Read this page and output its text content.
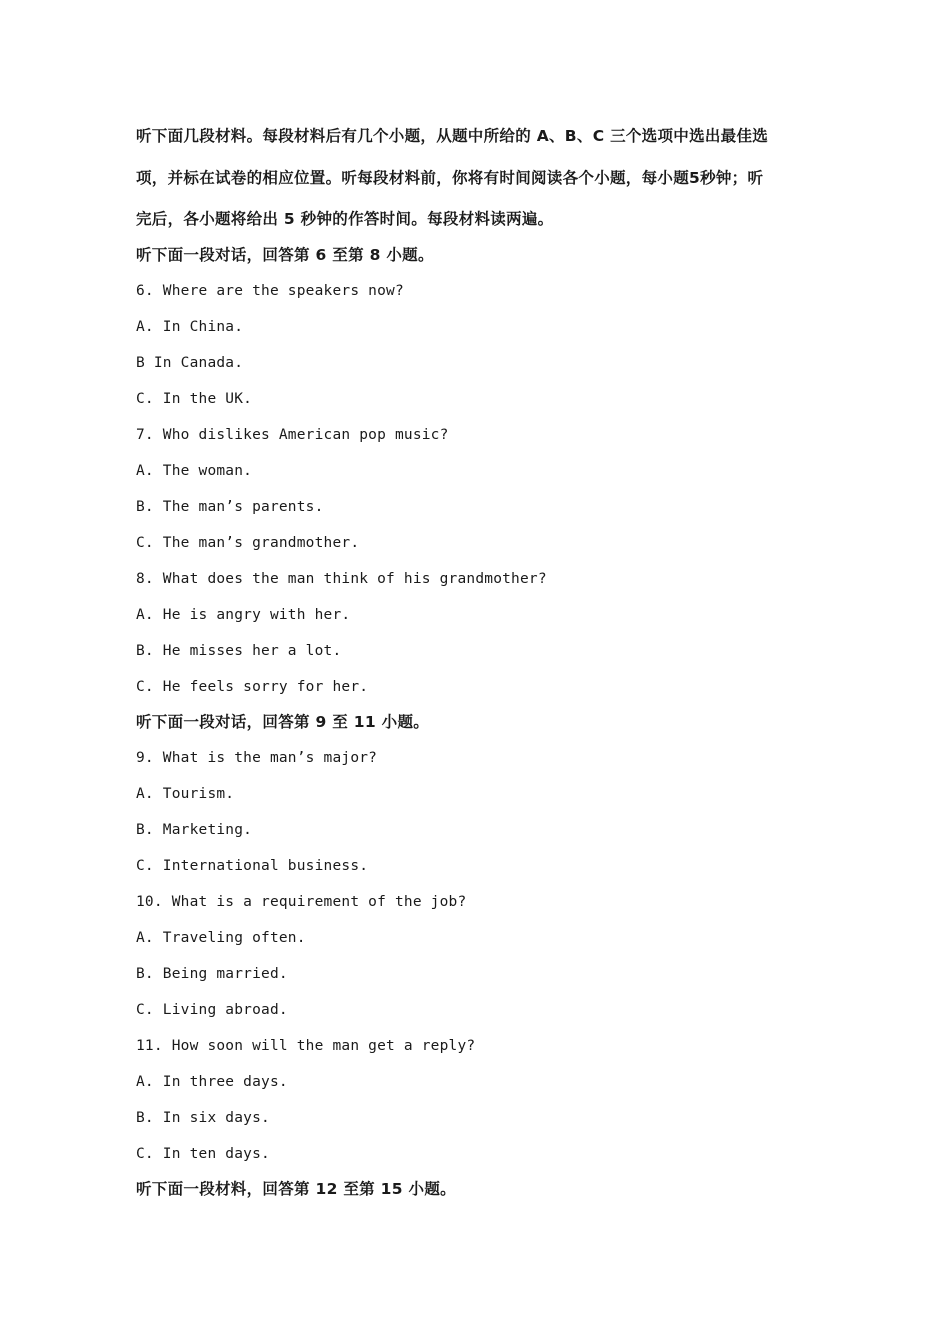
听下面几段材料。每段材料后有几个小题，从题中所给的 A、B、C 三个选项中选出最佳选
项，并标在试卷的相应位置。听每段材料前，你将有时间阅读各个小题，每小题5秒钟；听
完后，各小题将给出 5 秒钟的作答时间。每段材料读两遍。
听下面一段对话，回答第 6 至第 8 小题。
6. Where are the speakers now?
A. In China.
B In Canada.
C. In the UK.
7. Who dislikes American pop music?
A. The woman.
B. The man’s parents.
C. The man’s grandmother.
8. What does the man think of his grandmother?
A. He is angry with her.
B. He misses her a lot.
C. He feels sorry for her.
听下面一段对话，回答第 9 至 11 小题。
9. What is the man’s major?
A. Tourism.
B. Marketing.
C. International business.
10. What is a requirement of the job?
A. Traveling often.
B. Being married.
C. Living abroad.
11. How soon will the man get a reply?
A. In three days.
B. In six days.
C. In ten days.
听下面一段材料，回答第 12 至第 15 小题。
